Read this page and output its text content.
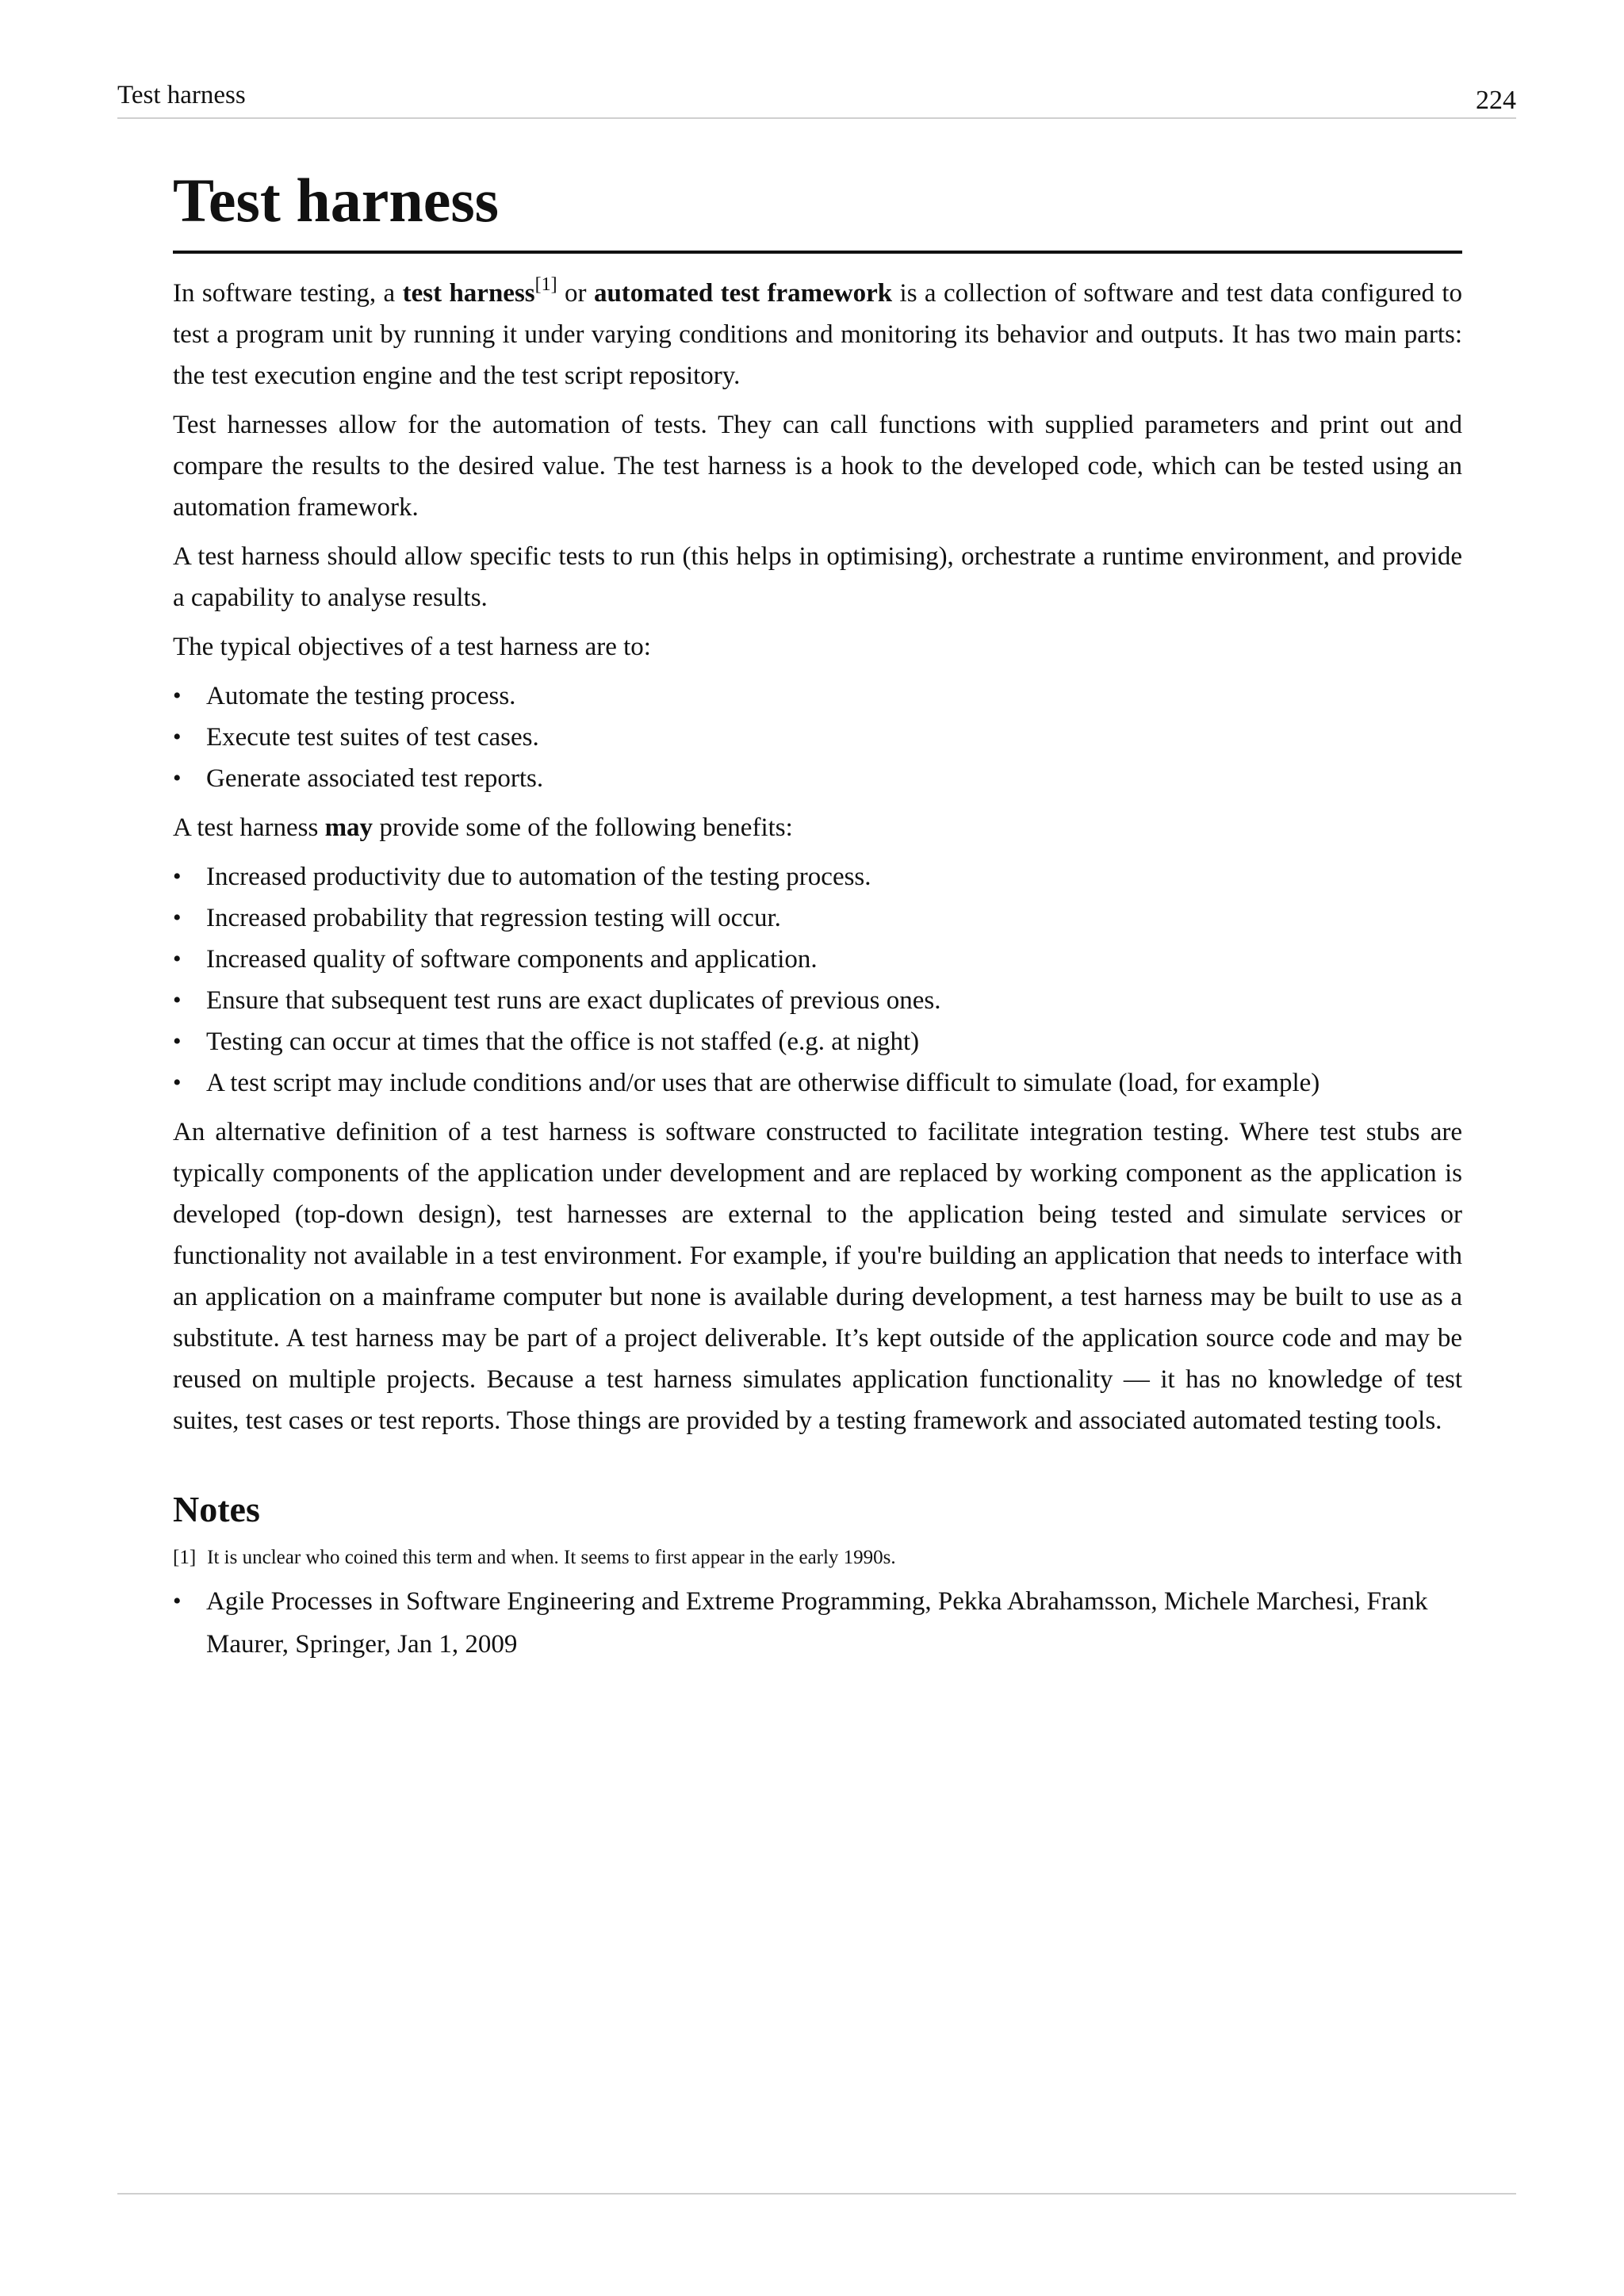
Test harness	224
Test harness

In software testing, a test harness[1] or automated test framework is a collection of software and test data configured to test a program unit by running it under varying conditions and monitoring its behavior and outputs. It has two main parts: the test execution engine and the test script repository.

Test harnesses allow for the automation of tests. They can call functions with supplied parameters and print out and compare the results to the desired value. The test harness is a hook to the developed code, which can be tested using an automation framework.

A test harness should allow specific tests to run (this helps in optimising), orchestrate a runtime environment, and provide a capability to analyse results.

The typical objectives of a test harness are to:

• Automate the testing process.
• Execute test suites of test cases.
• Generate associated test reports.

A test harness may provide some of the following benefits:

• Increased productivity due to automation of the testing process.
• Increased probability that regression testing will occur.
• Increased quality of software components and application.
• Ensure that subsequent test runs are exact duplicates of previous ones.
• Testing can occur at times that the office is not staffed (e.g. at night)
• A test script may include conditions and/or uses that are otherwise difficult to simulate (load, for example)

An alternative definition of a test harness is software constructed to facilitate integration testing. Where test stubs are typically components of the application under development and are replaced by working component as the application is developed (top-down design), test harnesses are external to the application being tested and simulate services or functionality not available in a test environment. For example, if you're building an application that needs to interface with an application on a mainframe computer but none is available during development, a test harness may be built to use as a substitute. A test harness may be part of a project deliverable. It’s kept outside of the application source code and may be reused on multiple projects. Because a test harness simulates application functionality — it has no knowledge of test suites, test cases or test reports. Those things are provided by a testing framework and associated automated testing tools.

Notes
[1] It is unclear who coined this term and when. It seems to first appear in the early 1990s.
• Agile Processes in Software Engineering and Extreme Programming, Pekka Abrahamsson, Michele Marchesi, Frank Maurer, Springer, Jan 1, 2009
